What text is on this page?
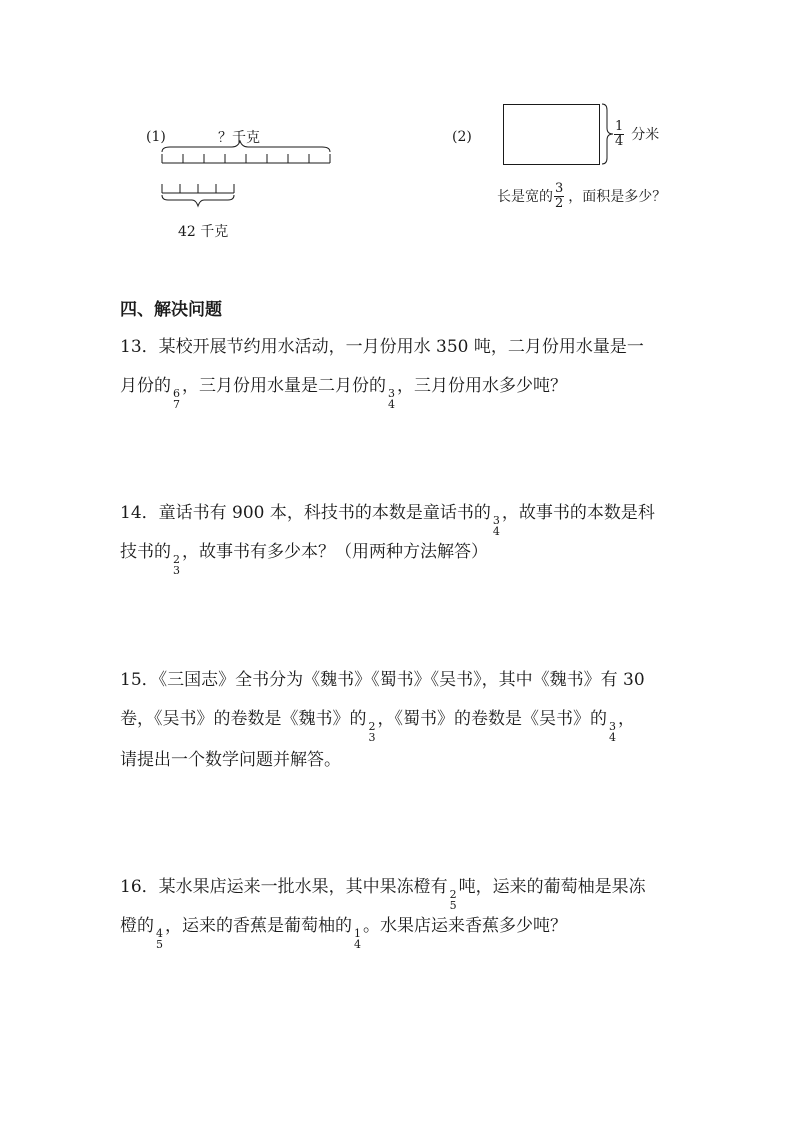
(1)	？千克
42 千克
(2)	$\frac{1}{4}$ 分米
长是宽的 $\frac{3}{2}$ ，面积是多少？
四、解决问题
13．某校开展节约用水活动，一月份用水 350 吨，二月份用水量是一
月份的 6
7
，三月份用水量是二月份的 3
4
，三月份用水多少吨？
14．童话书有 900 本，科技书的本数是童话书的 3
4
，故事书的本数是科
技书的 2
3
，故事书有多少本？（用两种方法解答）
15．《三国志》全书分为《魏书》《蜀书》《吴书》，其中《魏书》有 30
卷，《吴书》的卷数是《魏书》的 2
3
，《蜀书》的卷数是《吴书》的 3
4
，
请提出一个数学问题并解答。
16．某水果店运来一批水果，其中果冻橙有 2
5
吨，运来的葡萄柚是果冻
橙的 4
5
，运来的香蕉是葡萄柚的 1
4
。水果店运来香蕉多少吨？
